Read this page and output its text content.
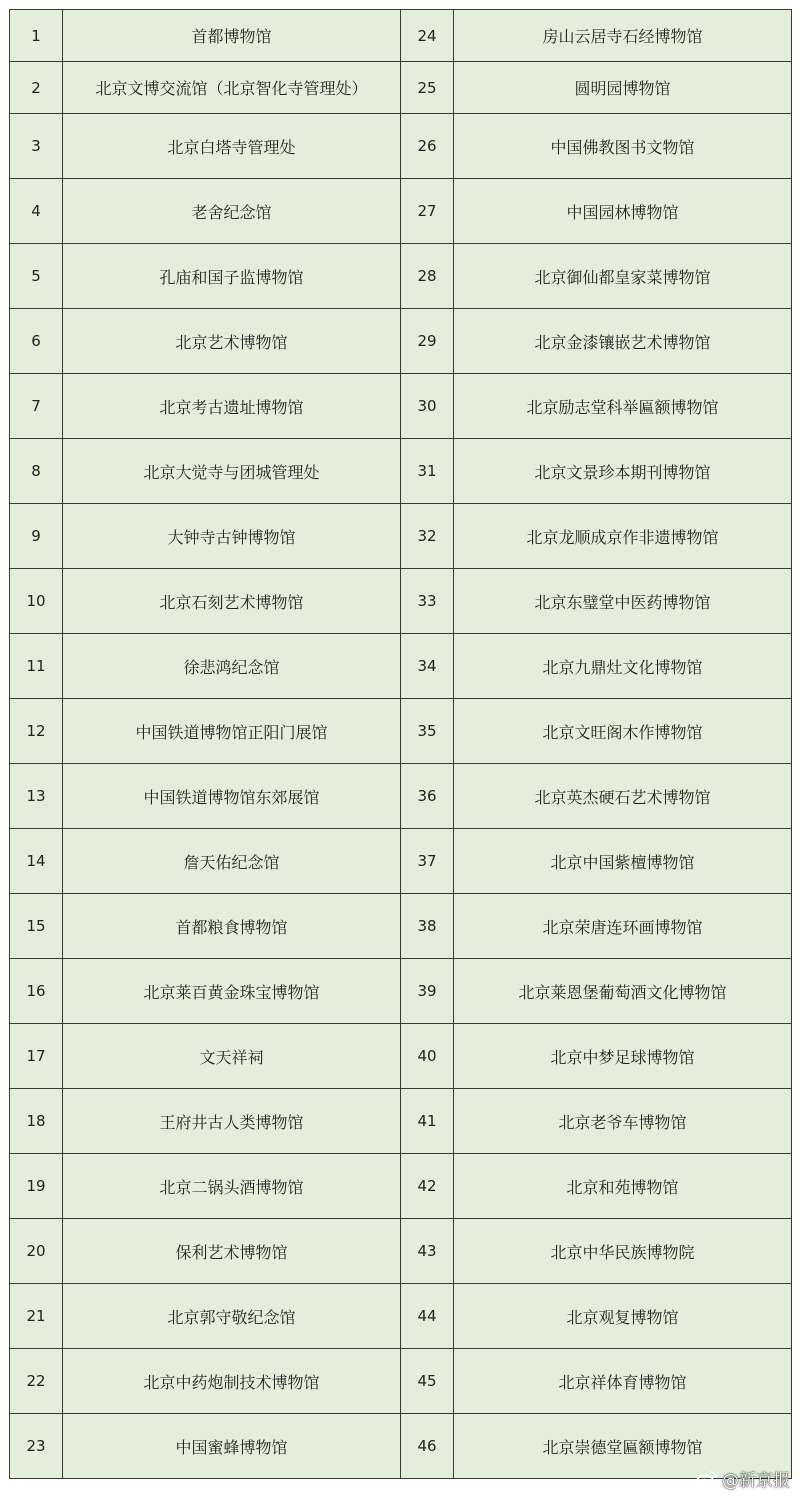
1	首都博物馆	24	房山云居寺石经博物馆
2	北京文博交流馆（北京智化寺管理处）	25	圆明园博物馆
3	北京白塔寺管理处	26	中国佛教图书文物馆
4	老舍纪念馆	27	中国园林博物馆
5	孔庙和国子监博物馆	28	北京御仙都皇家菜博物馆
6	北京艺术博物馆	29	北京金漆镶嵌艺术博物馆
7	北京考古遗址博物馆	30	北京励志堂科举匾额博物馆
8	北京大觉寺与团城管理处	31	北京文景珍本期刊博物馆
9	大钟寺古钟博物馆	32	北京龙顺成京作非遗博物馆
10	北京石刻艺术博物馆	33	北京东璧堂中医药博物馆
11	徐悲鸿纪念馆	34	北京九鼎灶文化博物馆
12	中国铁道博物馆正阳门展馆	35	北京文旺阁木作博物馆
13	中国铁道博物馆东郊展馆	36	北京英杰硬石艺术博物馆
14	詹天佑纪念馆	37	北京中国紫檀博物馆
15	首都粮食博物馆	38	北京荣唐连环画博物馆
16	北京莱百黄金珠宝博物馆	39	北京莱恩堡葡萄酒文化博物馆
17	文天祥祠	40	北京中梦足球博物馆
18	王府井古人类博物馆	41	北京老爷车博物馆
19	北京二锅头酒博物馆	42	北京和苑博物馆
20	保利艺术博物馆	43	北京中华民族博物院
21	北京郭守敬纪念馆	44	北京观复博物馆
22	北京中药炮制技术博物馆	45	北京祥体育博物馆
23	中国蜜蜂博物馆	46	北京崇德堂匾额博物馆
@新京报
